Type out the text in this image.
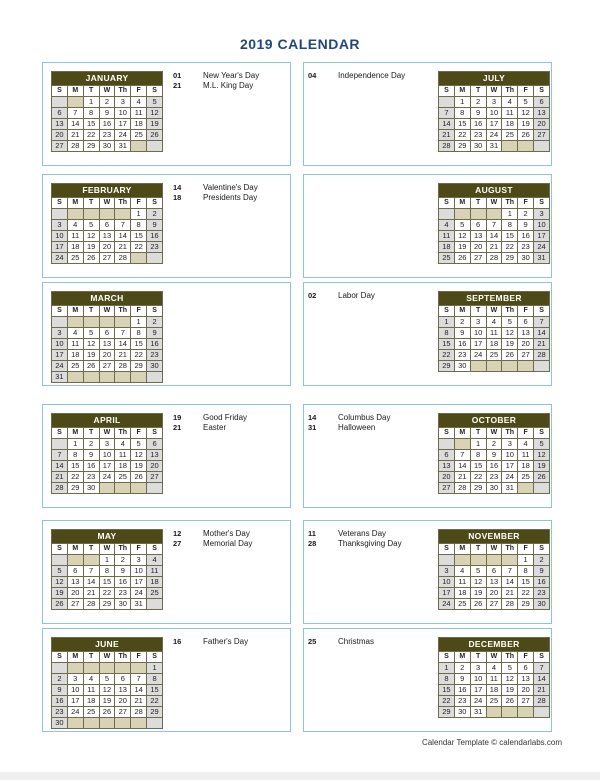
2019 CALENDAR
JANUARY						
S	M	T	W	Th	F	S
		1	2	3	4	5
6	7	8	9	10	11	12
13	14	15	16	17	18	19
20	21	22	23	24	25	26
27	28	29	30	31		
01	New Year's Day
21	M.L. King Day
FEBRUARY						
S	M	T	W	Th	F	S
					1	2
3	4	5	6	7	8	9
10	11	12	13	14	15	16
17	18	19	20	21	22	23
24	25	26	27	28		
14	Valentine's Day
18	Presidents Day
MARCH						
S	M	T	W	Th	F	S
					1	2
3	4	5	6	7	8	9
10	11	12	13	14	15	16
17	18	19	20	21	22	23
24	25	26	27	28	29	30
31						
APRIL						
S	M	T	W	Th	F	S
	1	2	3	4	5	6
7	8	9	10	11	12	13
14	15	16	17	18	19	20
21	22	23	24	25	26	27
28	29	30				
19	Good Friday
21	Easter
MAY						
S	M	T	W	Th	F	S
			1	2	3	4
5	6	7	8	9	10	11
12	13	14	15	16	17	18
19	20	21	22	23	24	25
26	27	28	29	30	31	
12	Mother's Day
27	Memorial Day
JUNE						
S	M	T	W	Th	F	S
						1
2	3	4	5	6	7	8
9	10	11	12	13	14	15
16	17	18	19	20	21	22
23	24	25	26	27	28	29
30						
16	Father's Day
JULY						
S	M	T	W	Th	F	S
	1	2	3	4	5	6
7	8	9	10	11	12	13
14	15	16	17	18	19	20
21	22	23	24	25	26	27
28	29	30	31			
04	Independence Day
AUGUST						
S	M	T	W	Th	F	S
				1	2	3
4	5	6	7	8	9	10
11	12	13	14	15	16	17
18	19	20	21	22	23	24
25	26	27	28	29	30	31
SEPTEMBER						
S	M	T	W	Th	F	S
1	2	3	4	5	6	7
8	9	10	11	12	13	14
15	16	17	18	19	20	21
22	23	24	25	26	27	28
29	30					
02	Labor Day
OCTOBER						
S	M	T	W	Th	F	S
		1	2	3	4	5
6	7	8	9	10	11	12
13	14	15	16	17	18	19
20	21	22	23	24	25	26
27	28	29	30	31		
14	Columbus Day
31	Halloween
NOVEMBER						
S	M	T	W	Th	F	S
					1	2
3	4	5	6	7	8	9
10	11	12	13	14	15	16
17	18	19	20	21	22	23
24	25	26	27	28	29	30
11	Veterans Day
28	Thanksgiving Day
DECEMBER						
S	M	T	W	Th	F	S
1	2	3	4	5	6	7
8	9	10	11	12	13	14
15	16	17	18	19	20	21
22	23	24	25	26	27	28
29	30	31				
25	Christmas
Calendar Template © calendarlabs.com
